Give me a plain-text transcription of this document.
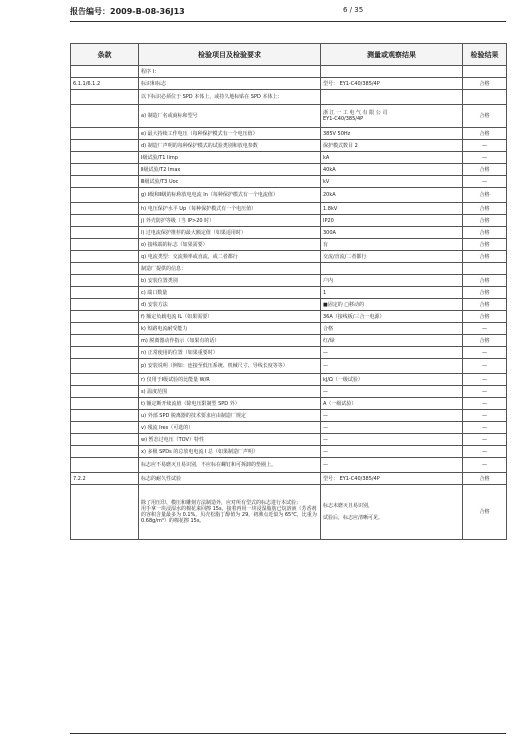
报告编号：2009-B-08-36J13	6 / 35
条款	检验项目及检验要求	测量或观察结果	检验结果
	程序 Ⅰ：		
6.1.1/6.1.2	标识和标志	型号： EY1-C40/385/4P	合格
	以下标识必须位于 SPD 本体上，或持久地标贴在 SPD 本体上：		
	a) 制造厂名或商标和型号	浙 江 一 工 电 气 有 限 公 司
EY1-C40/385/4P	合格
	e) 最大持续工作电压（每种保护模式有一个电压值）	385V 50Hz	合格
	d) 制造厂声明的每种保护模式的试验类别和放电参数	保护模式数目 2	—
	Ⅰ级试验/T1 Iimp	kA	—
	Ⅱ级试验/T2 Imax	40kA	合格
	Ⅲ级试验/T3 Uoc	kV	—
	g) Ⅰ级和Ⅱ级的标称放电电流 In（每种保护模式有一个电流值）	20kA	合格
	h) 电压保护水平 Up（每种保护模式有一个电压值）	1.8kV	合格
	j) 外壳防护等级（当 IP>20 时）	IP20	合格
	l) 过电流保护推荐的最大额定值（如果适用时）	300A	合格
	o) 接线端的标志（如果需要）	有	合格
	q) 电流类型：交流频率或直流，或二者都行	交流/直流/二者都行	合格
	制造厂提供的信息：		
	b) 安装位置类别	户内	合格
	c) 端口数量	1	合格
	d) 安装方法	■固定的 □移动的	合格
	f) 额定负载电流 IL（如果需要）	36A（接线板/三合一电源）	合格
	k) 短路电流耐受能力	合格	—
	m) 脱离器动作指示（如果有的话）	红/绿	合格
	n) 正常使用的位置（如果重要时）	—	—
	p) 安装说明（例如：连接至低压系统、机械尺寸、导线长度等等）	—	—
	r) 仅用于Ⅰ级试验的比能量 W/R	kJ/Ω（一级试验）	—
	s) 温度范围	—	—
	t) 额定断开续流值（除电压限制型 SPD 外）	A（一级试验）	—
	u) 外部 SPD 脱离器的技术要求应由制造厂规定	—	—
	v) 残流 Ires（可选的）	—	—
	w) 暂态过电压（TOV）特性	—	—
	x) 多极 SPDs 的总放电电流 I 总（如果制造厂声明）	—	—
	标志应不易磨灭且易识别，不应标在螺钉和可拆卸的垫圈上。	—	—
7.2.2	标志的耐久性试验	型号： EY1-C40/385/4P	合格
	除了用压印、模压和雕刻方法制造外，应对所有型式的标志进行本试验；
用手拿一块浸湿水的棉花来回擦 15s，接着再用一块浸湿脂肪已烷溶液（芳香剂的容积含量最多为 0.1%，贝壳松脂丁醇值为 29，初沸点近似为 65℃，比重为 0.68g/m³）的棉花擦 15s。	标志未磨灭且易识别，

试验后，标志应清晰可见。	合格
